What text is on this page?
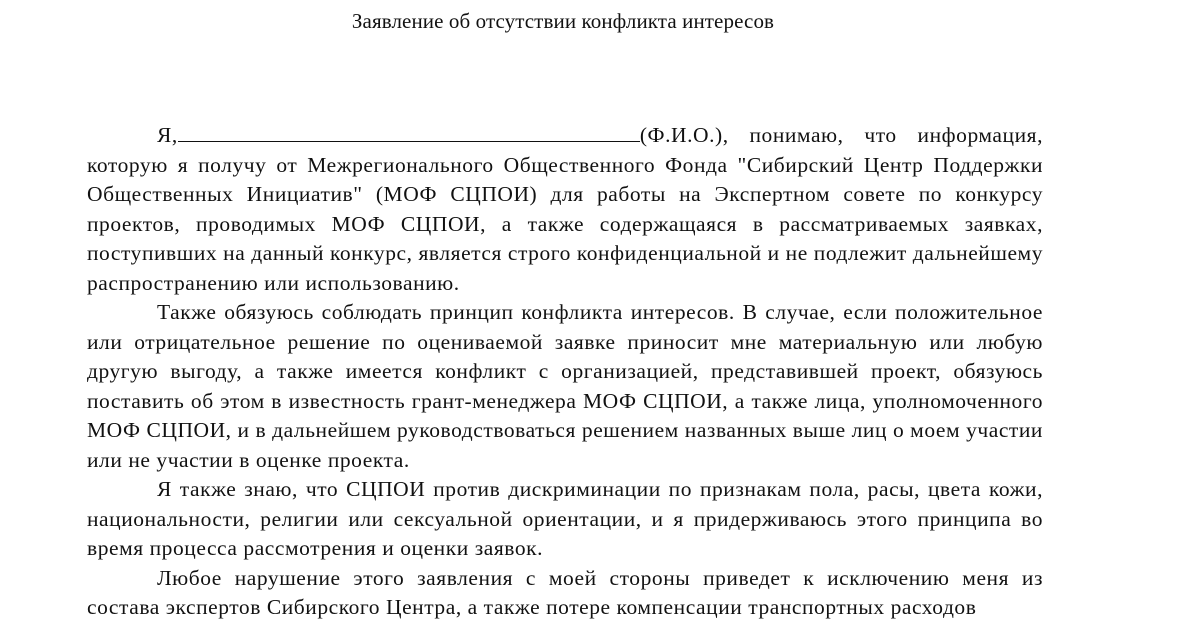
Заявление об отсутствии конфликта интересов

Я,	(Ф.И.О.), понимаю, что информация, которую я получу от Межрегионального Общественного Фонда "Сибирский Центр Поддержки Общественных Инициатив" (МОФ СЦПОИ) для работы на Экспертном совете по конкурсу проектов, проводимых МОФ СЦПОИ, а также содержащаяся в рассматриваемых заявках, поступивших на данный конкурс, является строго конфиденциальной и не подлежит дальнейшему распространению или использованию.

Также обязуюсь соблюдать принцип конфликта интересов. В случае, если положительное или отрицательное решение по оцениваемой заявке приносит мне материальную или любую другую выгоду, а также имеется конфликт с организацией, представившей проект, обязуюсь поставить об этом в известность грант-менеджера МОФ СЦПОИ, а также лица, уполномоченного МОФ СЦПОИ, и в дальнейшем руководствоваться решением названных выше лиц о моем участии или не участии в оценке проекта.

Я также знаю, что СЦПОИ против дискриминации по признакам пола, расы, цвета кожи, национальности, религии или сексуальной ориентации, и я придерживаюсь этого принципа во время процесса рассмотрения и оценки заявок.

Любое нарушение этого заявления с моей стороны приведет к исключению меня из состава экспертов Сибирского Центра, а также потере компенсации транспортных расходов
